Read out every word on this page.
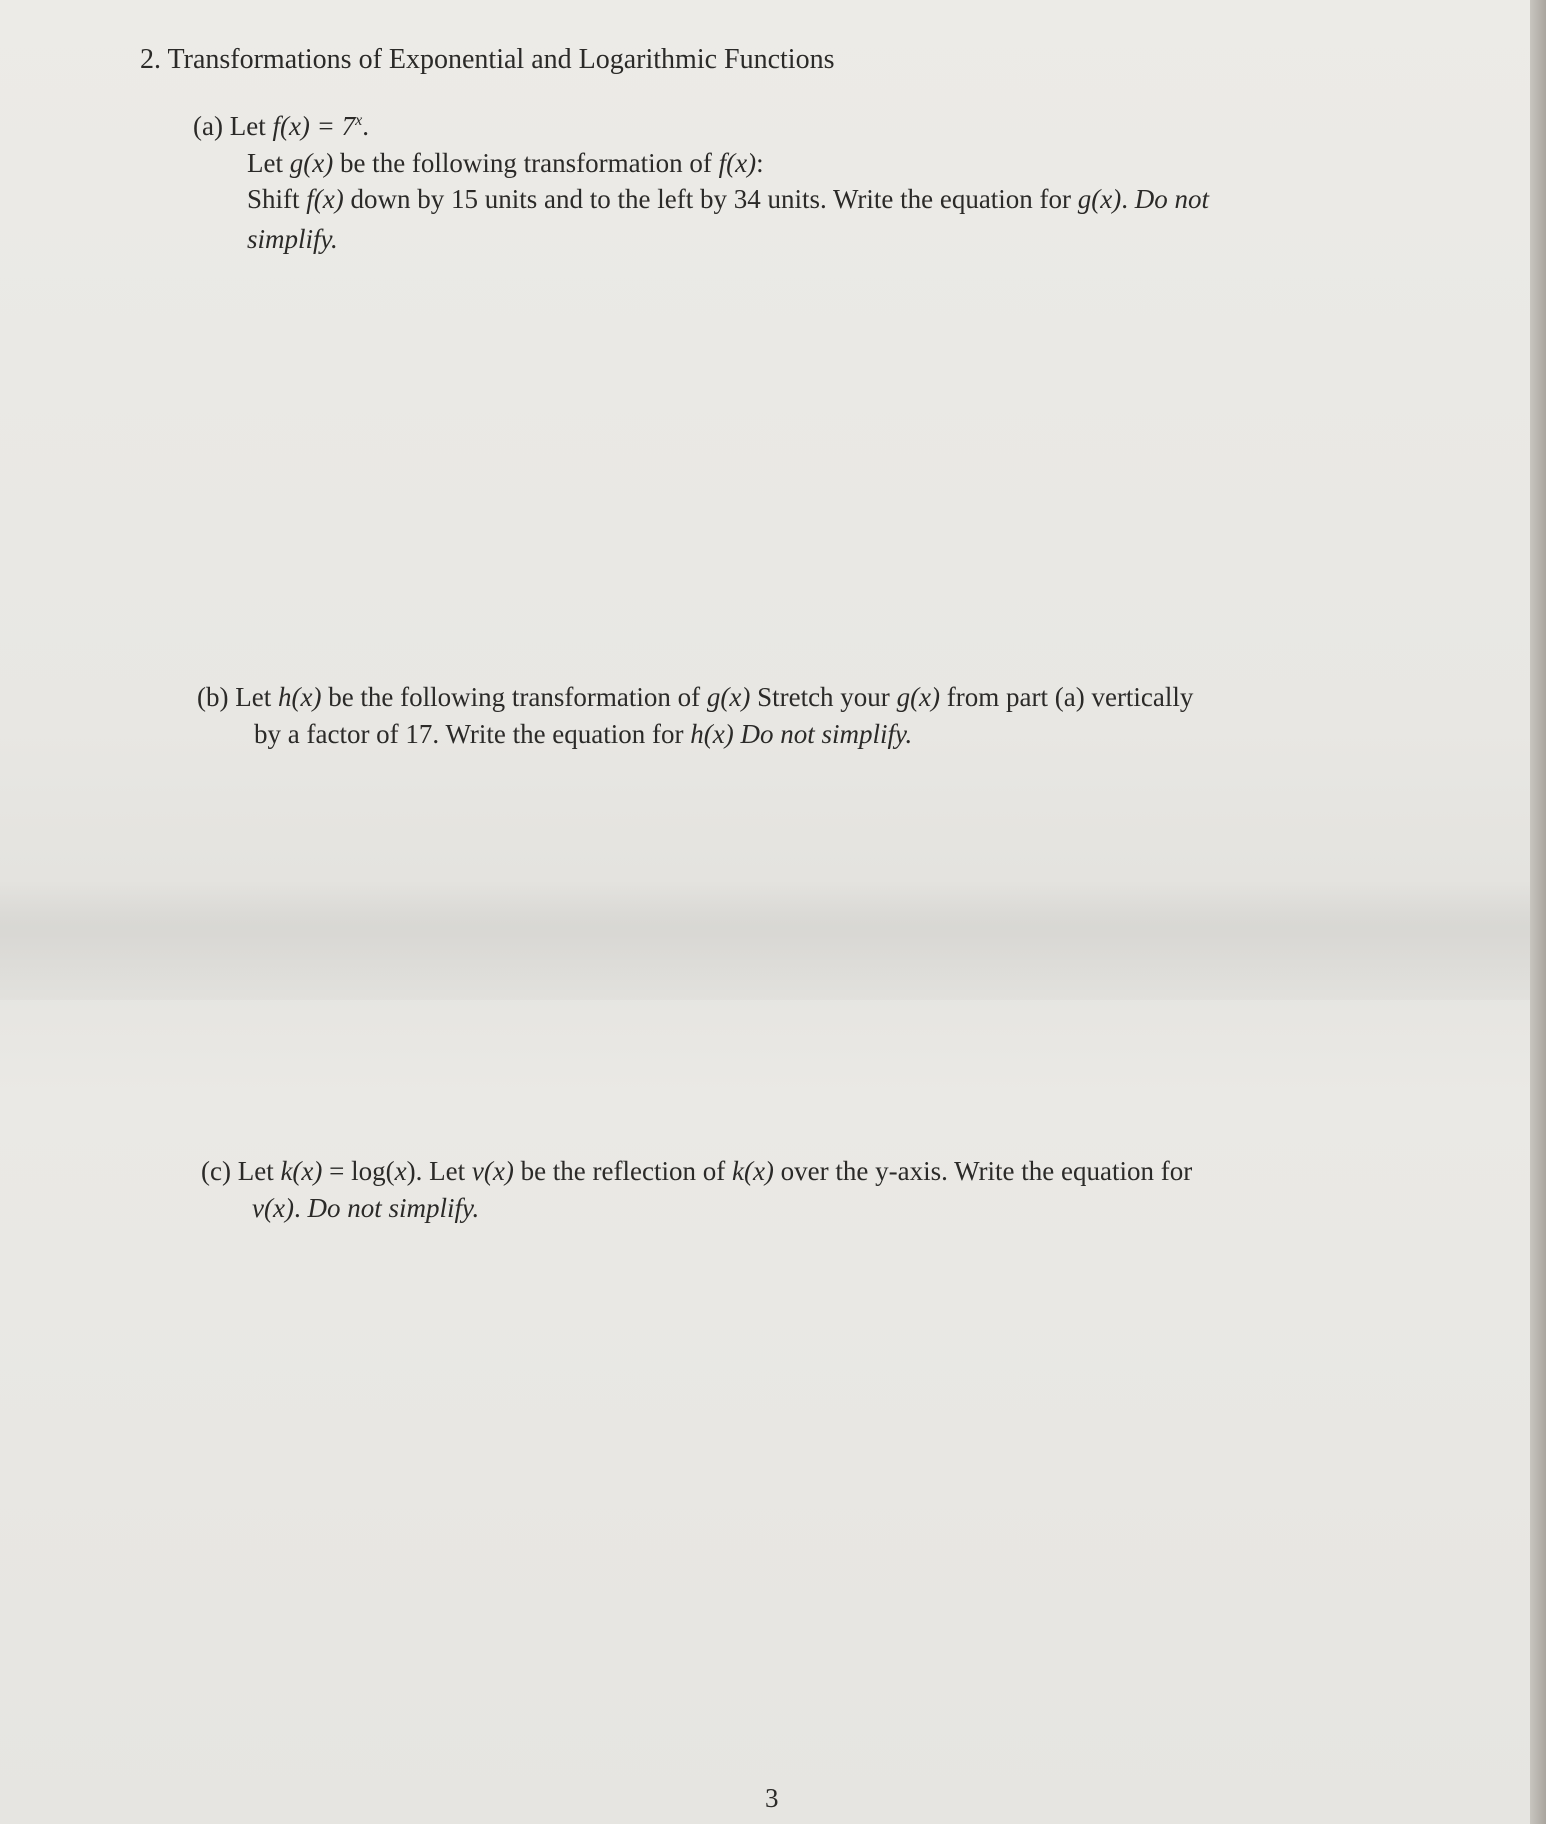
2. Transformations of Exponential and Logarithmic Functions
(a) Let $f(x) = 7^x$.
Let g(x) be the following transformation of f(x):
Shift f(x) down by 15 units and to the left by 34 units. Write the equation for g(x). Do not
simplify.
(b) Let h(x) be the following transformation of g(x) Stretch your g(x) from part (a) vertically
by a factor of 17. Write the equation for h(x) Do not simplify.
(c) Let k(x) = log(x). Let v(x) be the reflection of k(x) over the y-axis. Write the equation for
v(x). Do not simplify.
3
